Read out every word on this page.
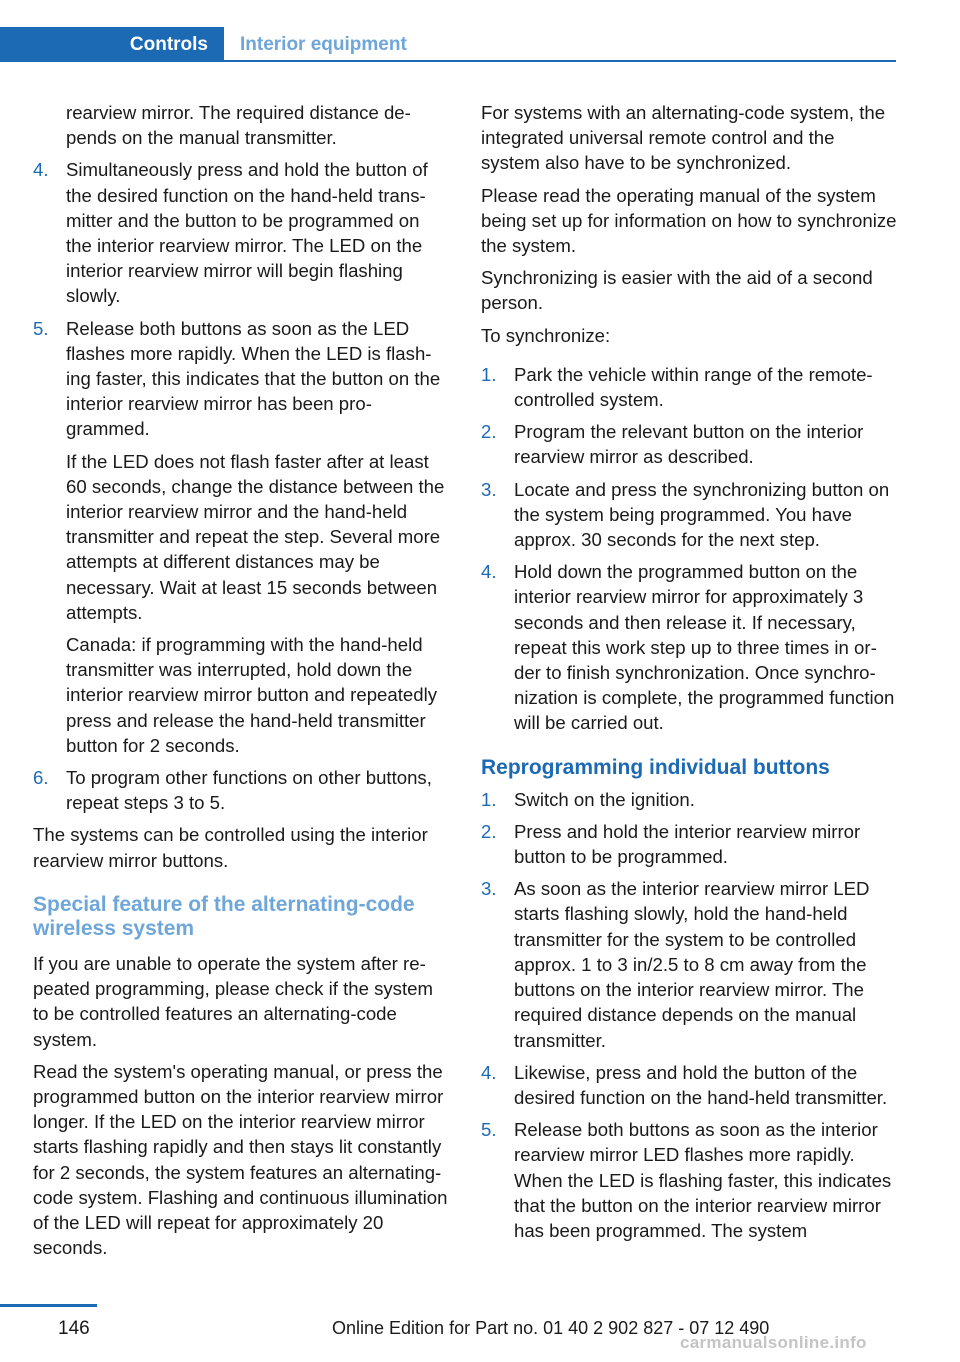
Controls	Interior equipment
rearview mirror. The required distance depends on the manual transmitter.
4. Simultaneously press and hold the button of the desired function on the hand-held transmitter and the button to be programmed on the interior rearview mirror. The LED on the interior rearview mirror will begin flashing slowly.
5. Release both buttons as soon as the LED flashes more rapidly. When the LED is flashing faster, this indicates that the button on the interior rearview mirror has been programmed.
If the LED does not flash faster after at least 60 seconds, change the distance between the interior rearview mirror and the hand-held transmitter and repeat the step. Several more attempts at different distances may be necessary. Wait at least 15 seconds between attempts.
Canada: if programming with the hand-held transmitter was interrupted, hold down the interior rearview mirror button and repeatedly press and release the hand-held transmitter button for 2 seconds.
6. To program other functions on other buttons, repeat steps 3 to 5.
The systems can be controlled using the interior rearview mirror buttons.
Special feature of the alternating-code wireless system
If you are unable to operate the system after repeated programming, please check if the system to be controlled features an alternating-code system.
Read the system's operating manual, or press the programmed button on the interior rearview mirror longer. If the LED on the interior rearview mirror starts flashing rapidly and then stays lit constantly for 2 seconds, the system features an alternating-code system. Flashing and continuous illumination of the LED will repeat for approximately 20 seconds.
For systems with an alternating-code system, the integrated universal remote control and the system also have to be synchronized.
Please read the operating manual of the system being set up for information on how to synchronize the system.
Synchronizing is easier with the aid of a second person.
To synchronize:
1. Park the vehicle within range of the remote-controlled system.
2. Program the relevant button on the interior rearview mirror as described.
3. Locate and press the synchronizing button on the system being programmed. You have approx. 30 seconds for the next step.
4. Hold down the programmed button on the interior rearview mirror for approximately 3 seconds and then release it. If necessary, repeat this work step up to three times in order to finish synchronization. Once synchronization is complete, the programmed function will be carried out.
Reprogramming individual buttons
1. Switch on the ignition.
2. Press and hold the interior rearview mirror button to be programmed.
3. As soon as the interior rearview mirror LED starts flashing slowly, hold the hand-held transmitter for the system to be controlled approx. 1 to 3 in/2.5 to 8 cm away from the buttons on the interior rearview mirror. The required distance depends on the manual transmitter.
4. Likewise, press and hold the button of the desired function on the hand-held transmitter.
5. Release both buttons as soon as the interior rearview mirror LED flashes more rapidly. When the LED is flashing faster, this indicates that the button on the interior rearview mirror has been programmed. The system
146	Online Edition for Part no. 01 40 2 902 827 - 07 12 490
carmanualsonline.info
